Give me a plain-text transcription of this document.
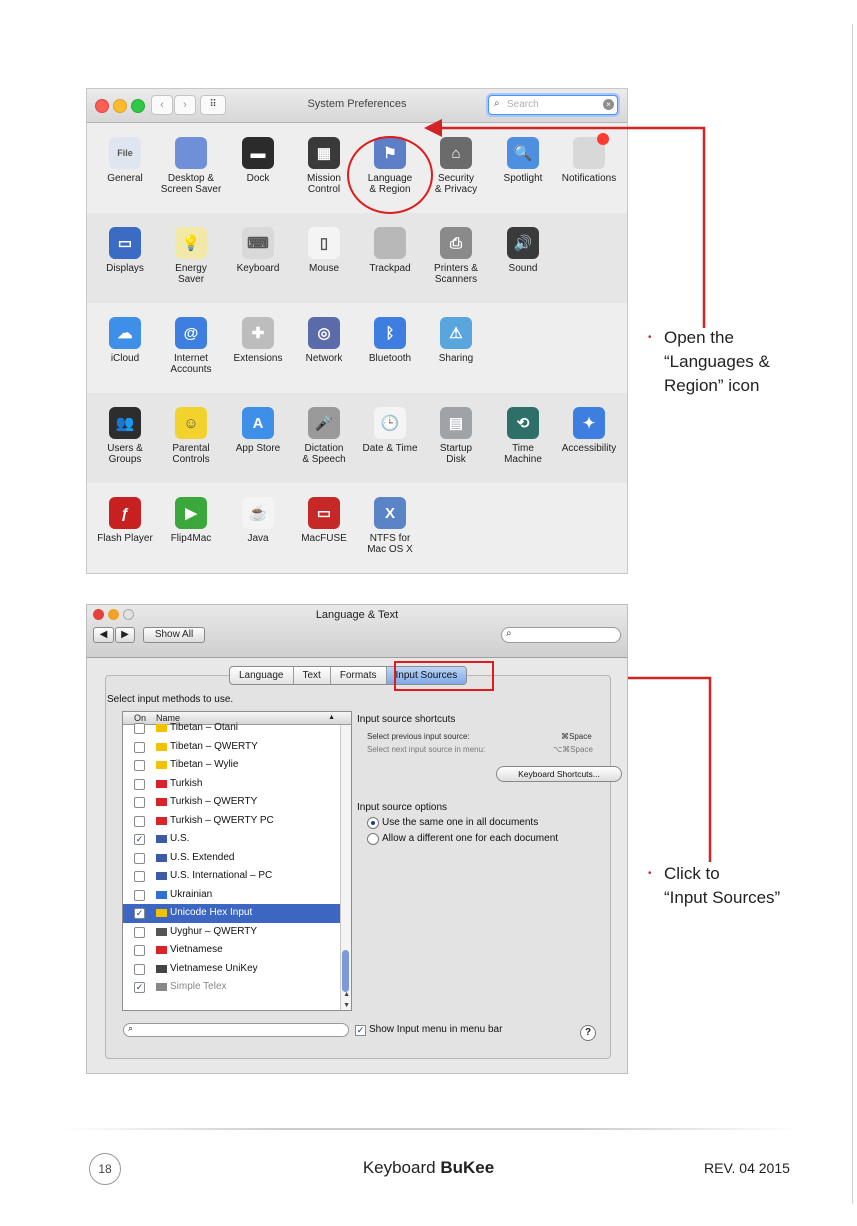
‹	›	⠿	System Preferences	⌕ Search	×
File
General	Desktop &
Screen Saver
▬
Dock
▦
Mission
Control
⚑
Language
& Region
⌂
Security
& Privacy
🔍
Spotlight	Notifications
▭
Displays
💡
Energy
Saver
⌨
Keyboard
▯
Mouse	Trackpad
⎙
Printers &
Scanners
🔊
Sound
☁
iCloud
@
Internet
Accounts
✚
Extensions
◎
Network
ᛒ
Bluetooth
⚠
Sharing
👥
Users &
Groups
☺
Parental
Controls
A
App Store
🎤
Dictation
& Speech
🕒
Date & Time
▤
Startup
Disk
⟲
Time
Machine
✦
Accessibility
ƒ
Flash Player
▶
Flip4Mac
☕
Java
▭
MacFUSE
X
NTFS for
Mac OS X
• Open the
“Languages &
Region” icon
Language & Text
◀	▶	Show All	⌕
Language	Text	Formats	Input Sources
Select input methods to use.
On Name	▲
Tibetan – Otani
Tibetan – QWERTY
Tibetan – Wylie
Turkish
Turkish – QWERTY
Turkish – QWERTY PC
✓	U.S.
U.S. Extended
U.S. International – PC
Ukrainian
✓	Unicode Hex Input
Uyghur – QWERTY
Vietnamese
Vietnamese UniKey
✓	Simple Telex
▲
▼
Input source shortcuts
Select previous input source:	⌘Space
Select next input source in menu:	⌥⌘Space
Keyboard Shortcuts...
Input source options
Use the same one in all documents
Allow a different one for each document
⌕	✓ Show Input menu in menu bar	?
• Click to
“Input Sources”
18	Keyboard BuKee	REV. 04 2015
